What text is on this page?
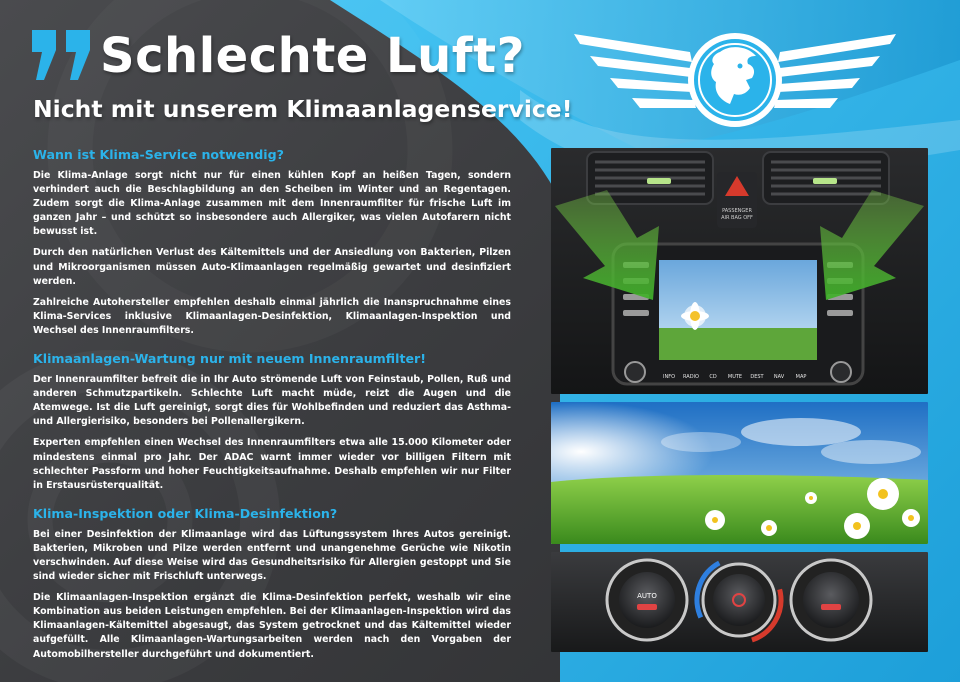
Schlechte Luft?
Nicht mit unserem Klimaanlagenservice!
Wann ist Klima-Service notwendig?

Die Klima-Anlage sorgt nicht nur für einen kühlen Kopf an heißen Tagen, sondern verhindert auch die Beschlagbildung an den Scheiben im Winter und an Regentagen. Zudem sorgt die Klima-Anlage zusammen mit dem Innenraumfilter für frische Luft im ganzen Jahr – und schützt so insbesondere auch Allergiker, was vielen Autofarern nicht bewusst ist.

Durch den natürlichen Verlust des Kältemittels und der Ansiedlung von Bakterien, Pilzen und Mikroorganismen müssen Auto-Klimaanlagen regelmäßig gewartet und desinfiziert werden.

Zahlreiche Autohersteller empfehlen deshalb einmal jährlich die Inanspruchnahme eines Klima-Services inklusive Klimaanlagen-Desinfektion, Klimaanlagen-Inspektion und Wechsel des Innenraumfilters.

Klimaanlagen-Wartung nur mit neuem Innenraumfilter!

Der Innenraumfilter befreit die in Ihr Auto strömende Luft von Feinstaub, Pollen, Ruß und anderen Schmutzpartikeln. Schlechte Luft macht müde, reizt die Augen und die Atemwege. Ist die Luft gereinigt, sorgt dies für Wohlbefinden und reduziert das Asthma- und Allergierisiko, besonders bei Pollenallergikern.

Experten empfehlen einen Wechsel des Innenraumfilters etwa alle 15.000 Kilometer oder mindestens einmal pro Jahr. Der ADAC warnt immer wieder vor billigen Filtern mit schlechter Passform und hoher Feuchtigkeitsaufnahme. Deshalb empfehlen wir nur Filter in Erstausrüsterqualität.

Klima-Inspektion oder Klima-Desinfektion?

Bei einer Desinfektion der Klimaanlage wird das Lüftungssystem Ihres Autos gereinigt. Bakterien, Mikroben und Pilze werden entfernt und unangenehme Gerüche wie Nikotin verschwinden. Auf diese Weise wird das Gesundheitsrisiko für Allergien gestoppt und Sie sind wieder sicher mit Frischluft unterwegs.

Die Klimaanlagen-Inspektion ergänzt die Klima-Desinfektion perfekt, weshalb wir eine Kombination aus beiden Leistungen empfehlen. Bei der Klimaanlagen-Inspektion wird das Klimaanlagen-Kältemittel abgesaugt, das System getrocknet und das Kältemittel wieder aufgefüllt. Alle Klimaanlagen-Wartungsarbeiten werden nach den Vorgaben der Automobilhersteller durchgeführt und dokumentiert.

PASSENGER
AIR BAG OFF
INFO RADIO CD MUTE DEST NAV MAP
AUTO
